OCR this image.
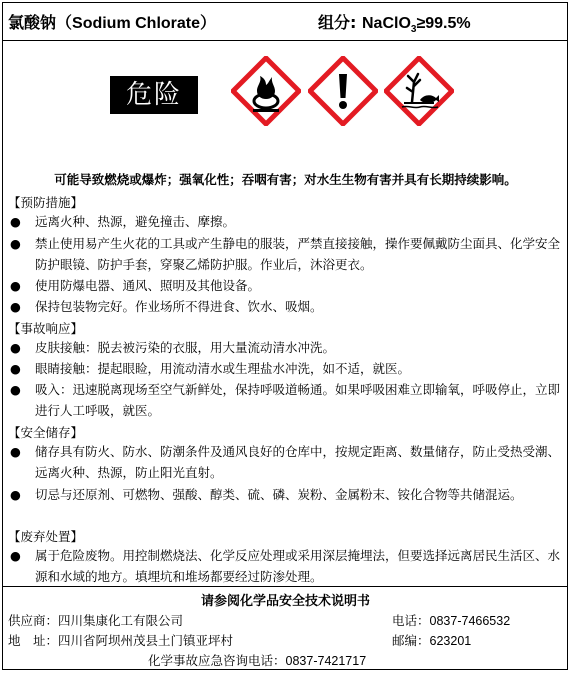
氯酸钠（Sodium Chlorate）	组分: NaClO$_3$≥99.5%
危险
可能导致燃烧或爆炸；强氧化性；吞咽有害；对水生生物有害并具有长期持续影响。
【预防措施】
● 远离火种、热源，避免撞击、摩擦。
● 禁止使用易产生火花的工具或产生静电的服装，严禁直接接触，操作要佩戴防尘面具、化学安全防护眼镜、防护手套，穿聚乙烯防护服。作业后，沐浴更衣。
● 使用防爆电器、通风、照明及其他设备。
● 保持包装物完好。作业场所不得进食、饮水、吸烟。
【事故响应】
● 皮肤接触：脱去被污染的衣服，用大量流动清水冲洗。
● 眼睛接触：提起眼睑，用流动清水或生理盐水冲洗，如不适，就医。
● 吸入：迅速脱离现场至空气新鲜处，保持呼吸道畅通。如果呼吸困难立即输氧，呼吸停止，立即进行人工呼吸，就医。
【安全储存】
● 储存具有防火、防水、防潮条件及通风良好的仓库中，按规定距离、数量储存，防止受热受潮、远离火种、热源，防止阳光直射。
● 切忌与还原剂、可燃物、强酸、醇类、硫、磷、炭粉、金属粉末、铵化合物等共储混运。
【废弃处置】
● 属于危险废物。用控制燃烧法、化学反应处理或采用深层掩埋法，但要选择远离居民生活区、水源和水域的地方。填埋坑和堆场都要经过防渗处理。
请参阅化学品安全技术说明书
供应商：四川集康化工有限公司	电话：0837-7466532
地　址：四川省阿坝州茂县土门镇亚坪村	邮编：623201
化学事故应急咨询电话：0837-7421717
